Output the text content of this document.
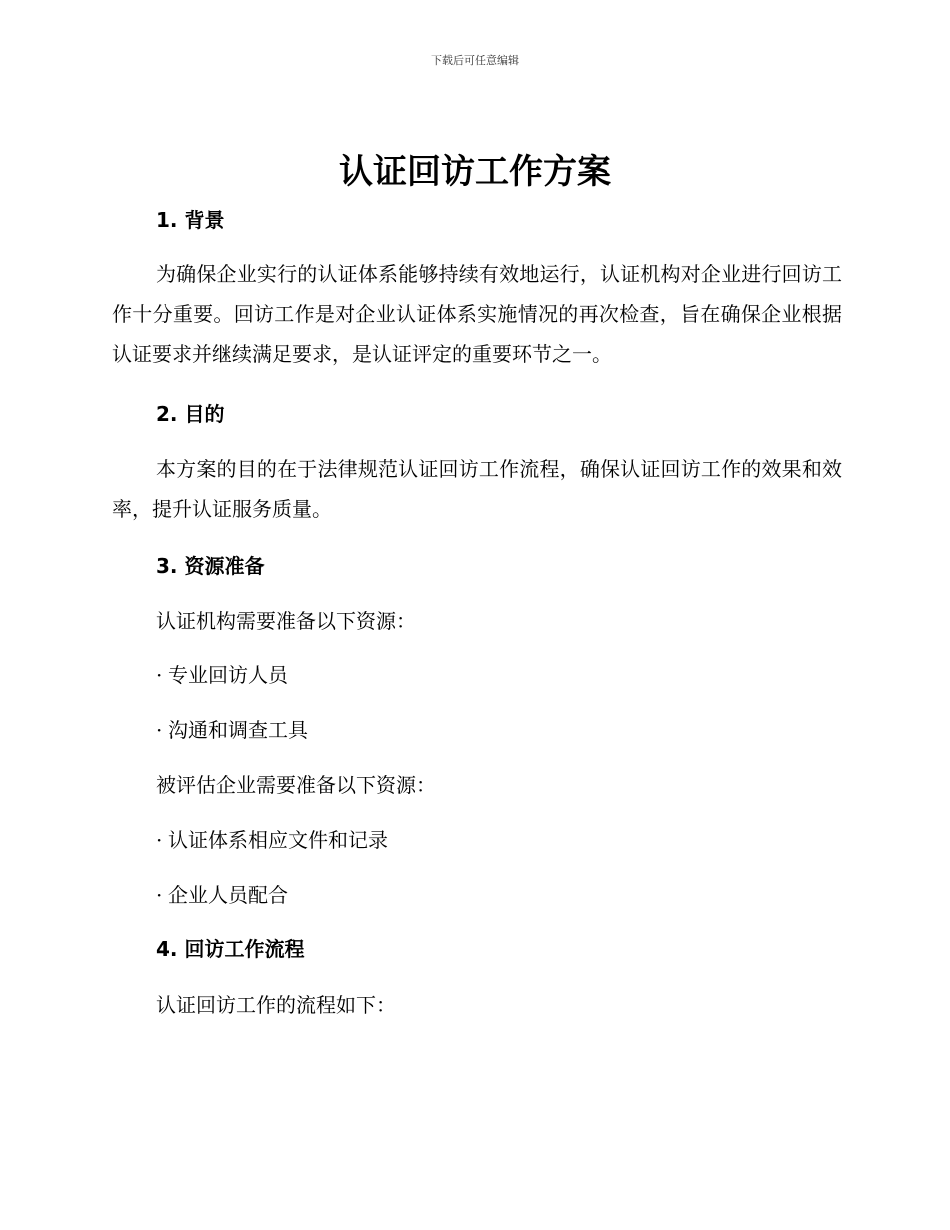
下载后可任意编辑
认证回访工作方案
1. 背景

为确保企业实行的认证体系能够持续有效地运行，认证机构对企业进行回访工作十分重要。回访工作是对企业认证体系实施情况的再次检查，旨在确保企业根据认证要求并继续满足要求，是认证评定的重要环节之一。

2. 目的

本方案的目的在于法律规范认证回访工作流程，确保认证回访工作的效果和效率，提升认证服务质量。

3. 资源准备

认证机构需要准备以下资源：

· 专业回访人员

· 沟通和调查工具

被评估企业需要准备以下资源：

· 认证体系相应文件和记录

· 企业人员配合

4. 回访工作流程

认证回访工作的流程如下：
